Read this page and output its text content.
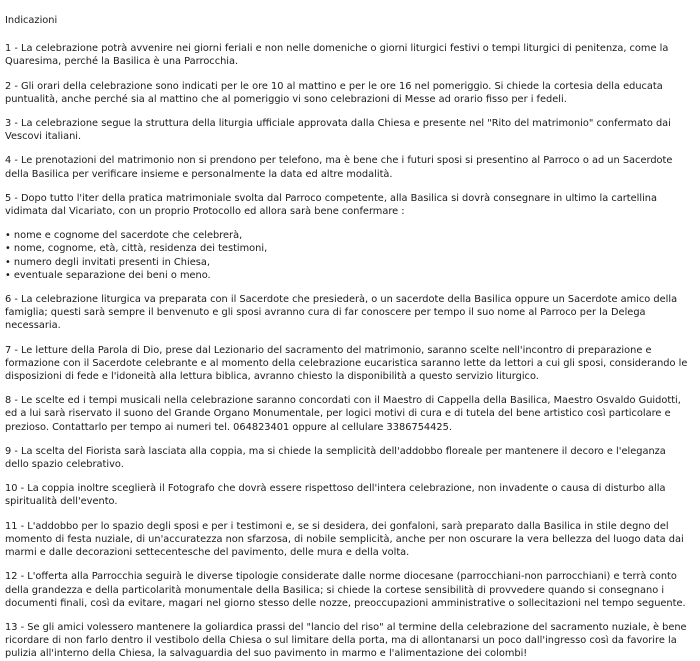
Indicazioni

1 - La celebrazione potrà avvenire nei giorni feriali e non nelle domeniche o giorni liturgici festivi o tempi liturgici di penitenza, come la Quaresima, perché la Basilica è una Parrocchia.

2 - Gli orari della celebrazione sono indicati per le ore 10 al mattino e per le ore 16 nel pomeriggio. Si chiede la cortesia della educata puntualità, anche perché sia al mattino che al pomeriggio vi sono celebrazioni di Messe ad orario fisso per i fedeli.

3 - La celebrazione segue la struttura della liturgia ufficiale approvata dalla Chiesa e presente nel "Rito del matrimonio" confermato dai Vescovi italiani.

4 - Le prenotazioni del matrimonio non si prendono per telefono, ma è bene che i futuri sposi si presentino al Parroco o ad un Sacerdote della Basilica per verificare insieme e personalmente la data ed altre modalità.

5 - Dopo tutto l'iter della pratica matrimoniale svolta dal Parroco competente, alla Basilica si dovrà consegnare in ultimo la cartellina vidimata dal Vicariato, con un proprio Protocollo ed allora sarà bene confermare :

• nome e cognome del sacerdote che celebrerà,
• nome, cognome, età, città, residenza dei testimoni,
• numero degli invitati presenti in Chiesa,
• eventuale separazione dei beni o meno.

6 - La celebrazione liturgica va preparata con il Sacerdote che presiederà, o un sacerdote della Basilica oppure un Sacerdote amico della famiglia; questi sarà sempre il benvenuto e gli sposi avranno cura di far conoscere per tempo il suo nome al Parroco per la Delega necessaria.

7 - Le letture della Parola di Dio, prese dal Lezionario del sacramento del matrimonio, saranno scelte nell'incontro di preparazione e formazione con il Sacerdote celebrante e al momento della celebrazione eucaristica saranno lette da lettori a cui gli sposi, considerando le disposizioni di fede e l'idoneità alla lettura biblica, avranno chiesto la disponibilità a questo servizio liturgico.

8 - Le scelte ed i tempi musicali nella celebrazione saranno concordati con il Maestro di Cappella della Basilica, Maestro Osvaldo Guidotti, ed a lui sarà riservato il suono del Grande Organo Monumentale, per logici motivi di cura e di tutela del bene artistico così particolare e prezioso. Contattarlo per tempo ai numeri tel. 064823401 oppure al cellulare 3386754425.

9 - La scelta del Fiorista sarà lasciata alla coppia, ma si chiede la semplicità dell'addobbo floreale per mantenere il decoro e l'eleganza dello spazio celebrativo.

10 - La coppia inoltre sceglierà il Fotografo che dovrà essere rispettoso dell'intera celebrazione, non invadente o causa di disturbo alla spiritualità dell'evento.

11 - L'addobbo per lo spazio degli sposi e per i testimoni e, se si desidera, dei gonfaloni, sarà preparato dalla Basilica in stile degno del momento di festa nuziale, di un'accuratezza non sfarzosa, di nobile semplicità, anche per non oscurare la vera bellezza del luogo data dai marmi e dalle decorazioni settecentesche del pavimento, delle mura e della volta.

12 - L'offerta alla Parrocchia seguirà le diverse tipologie considerate dalle norme diocesane (parrocchiani-non parrocchiani) e terrà conto della grandezza e della particolarità monumentale della Basilica; si chiede la cortese sensibilità di provvedere quando si consegnano i documenti finali, così da evitare, magari nel giorno stesso delle nozze, preoccupazioni amministrative o sollecitazioni nel tempo seguente.

13 - Se gli amici volessero mantenere la goliardica prassi del "lancio del riso" al termine della celebrazione del sacramento nuziale, è bene ricordare di non farlo dentro il vestibolo della Chiesa o sul limitare della porta, ma di allontanarsi un poco dall'ingresso così da favorire la pulizia all'interno della Chiesa, la salvaguardia del suo pavimento in marmo e l'alimentazione dei colombi!
